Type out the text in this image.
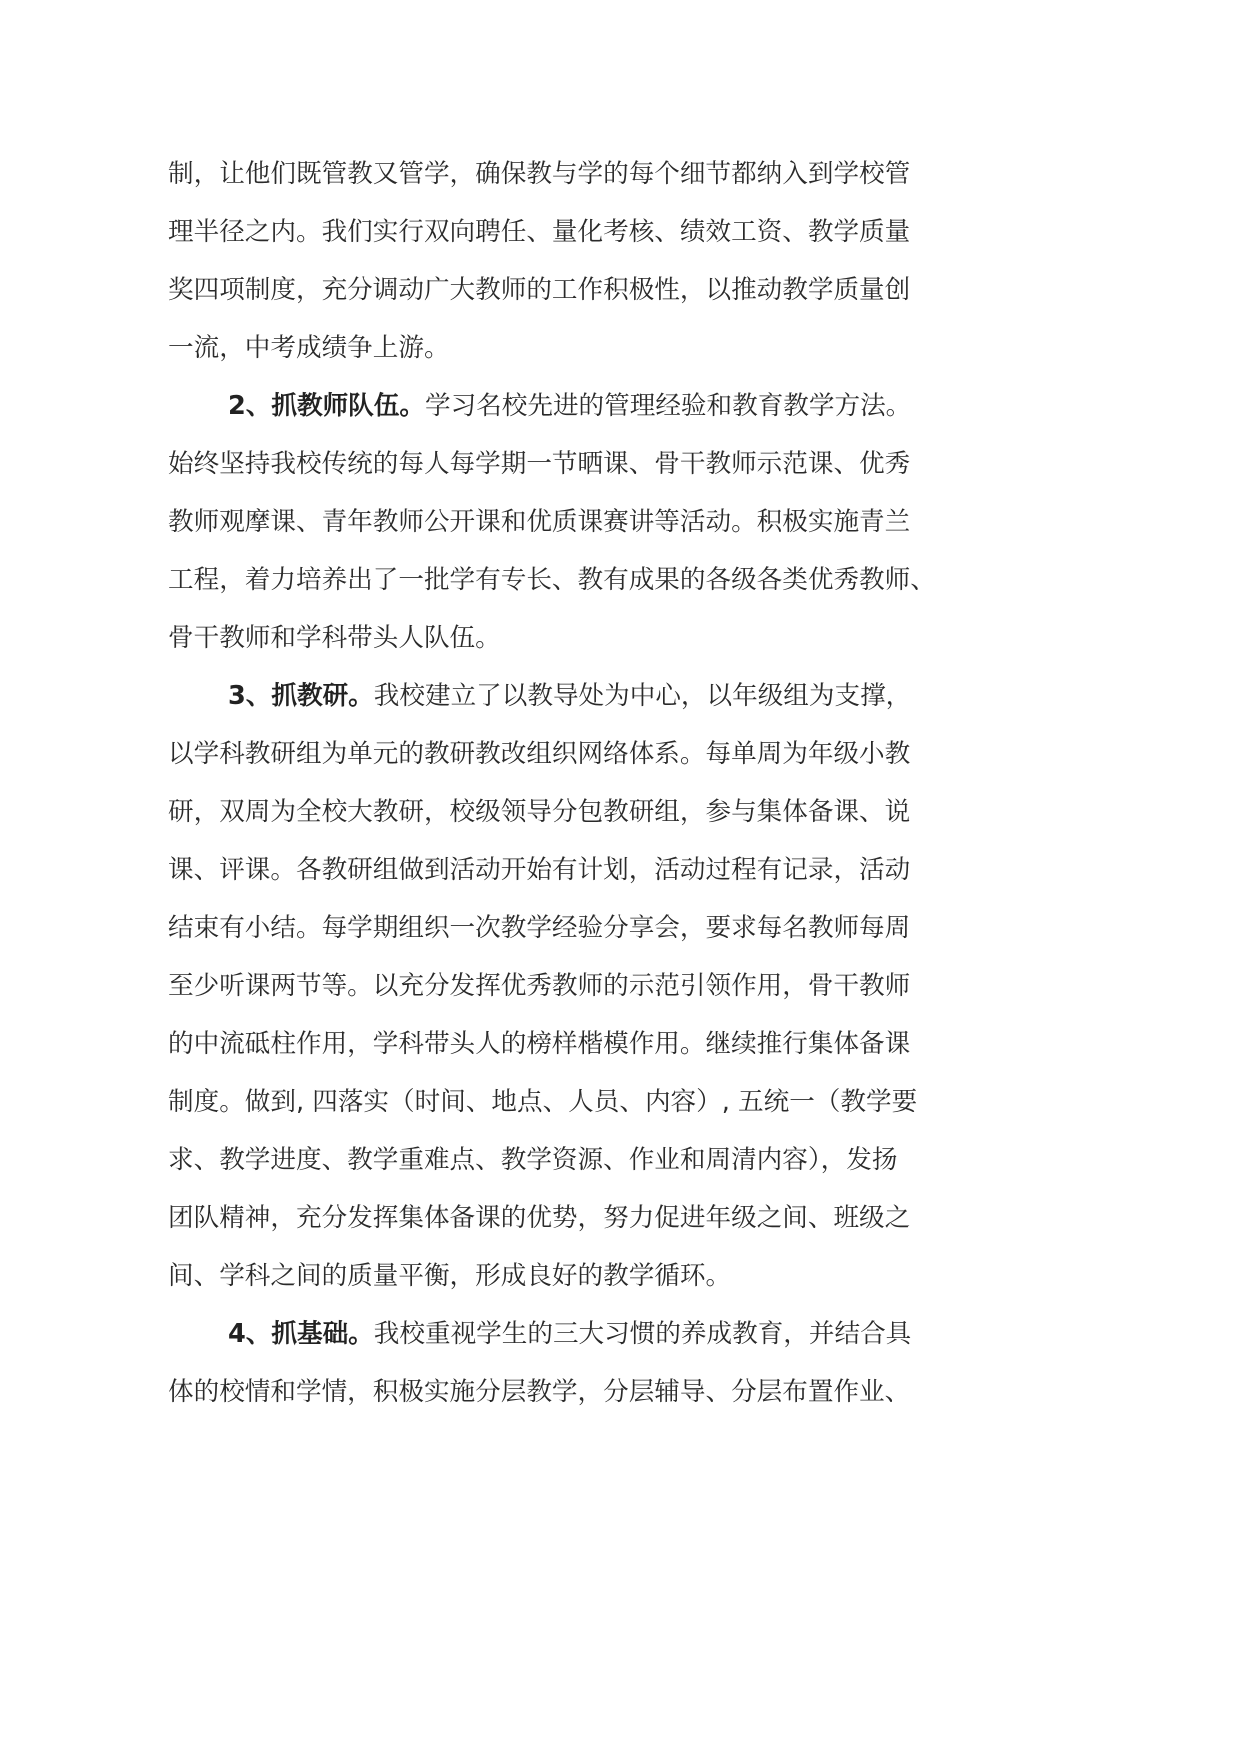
制，让他们既管教又管学，确保教与学的每个细节都纳入到学校管
理半径之内。我们实行双向聘任、量化考核、绩效工资、教学质量
奖四项制度，充分调动广大教师的工作积极性，以推动教学质量创
一流，中考成绩争上游。
2、抓教师队伍。学习名校先进的管理经验和教育教学方法。
始终坚持我校传统的每人每学期一节晒课、骨干教师示范课、优秀
教师观摩课、青年教师公开课和优质课赛讲等活动。积极实施青兰
工程，着力培养出了一批学有专长、教有成果的各级各类优秀教师、
骨干教师和学科带头人队伍。
3、抓教研。我校建立了以教导处为中心，以年级组为支撑，
以学科教研组为单元的教研教改组织网络体系。每单周为年级小教
研，双周为全校大教研，校级领导分包教研组，参与集体备课、说
课、评课。各教研组做到活动开始有计划，活动过程有记录，活动
结束有小结。每学期组织一次教学经验分享会，要求每名教师每周
至少听课两节等。以充分发挥优秀教师的示范引领作用，骨干教师
的中流砥柱作用，学科带头人的榜样楷模作用。继续推行集体备课
制度。做到, 四落实（时间、地点、人员、内容）, 五统一（教学要
求、教学进度、教学重难点、教学资源、作业和周清内容），发扬
团队精神，充分发挥集体备课的优势，努力促进年级之间、班级之
间、学科之间的质量平衡，形成良好的教学循环。
4、抓基础。我校重视学生的三大习惯的养成教育，并结合具
体的校情和学情，积极实施分层教学，分层辅导、分层布置作业、
